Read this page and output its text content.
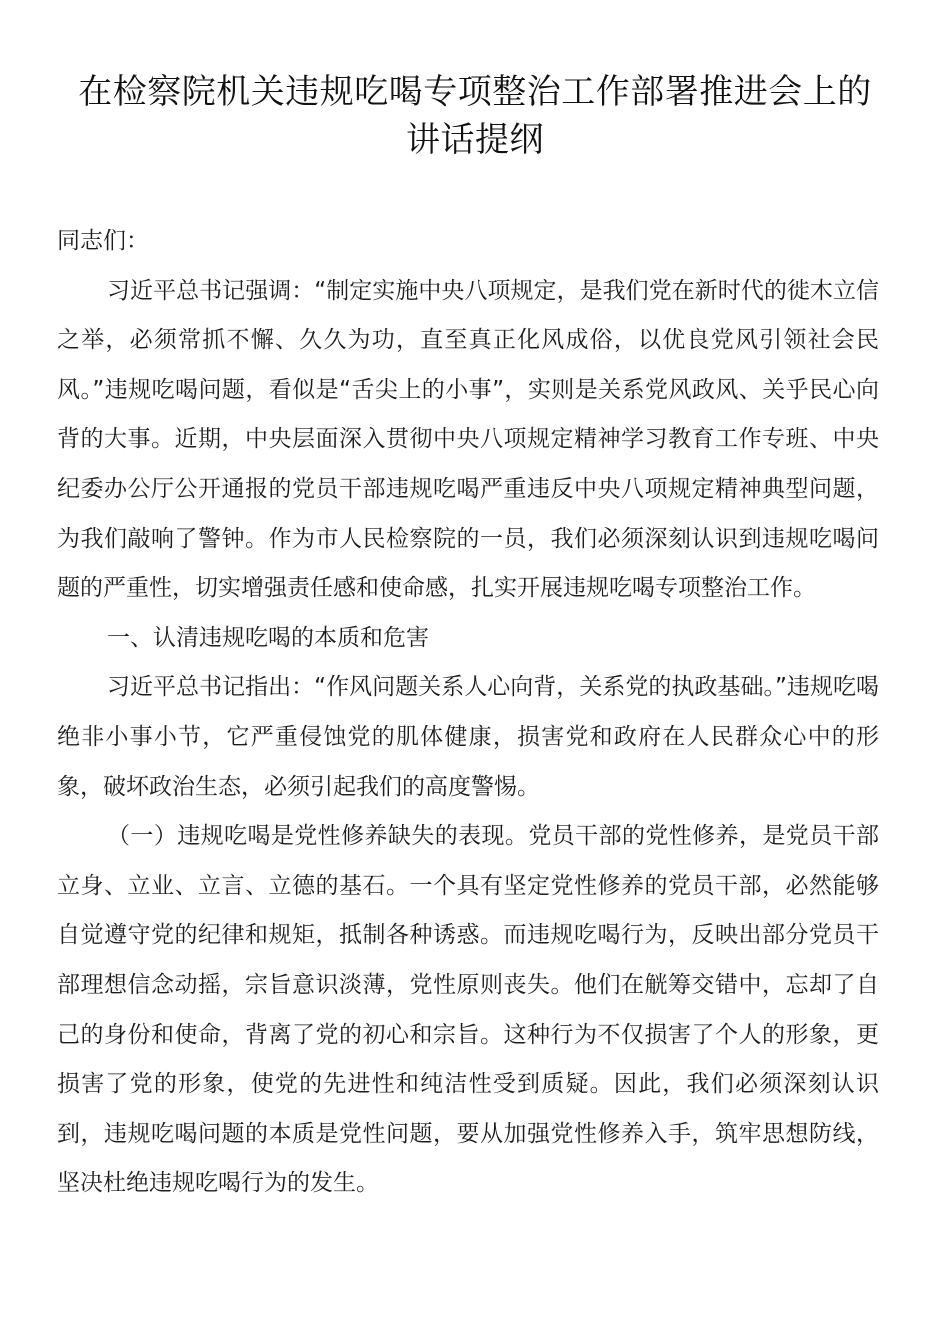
在检察院机关违规吃喝专项整治工作部署推进会上的
讲话提纲

同志们：

习近平总书记强调：“制定实施中央八项规定，是我们党在新时代的徙木立信之举，必须常抓不懈、久久为功，直至真正化风成俗，以优良党风引领社会民风。”违规吃喝问题，看似是“舌尖上的小事”，实则是关系党风政风、关乎民心向背的大事。近期，中央层面深入贯彻中央八项规定精神学习教育工作专班、中央纪委办公厅公开通报的党员干部违规吃喝严重违反中央八项规定精神典型问题，为我们敲响了警钟。作为市人民检察院的一员，我们必须深刻认识到违规吃喝问题的严重性，切实增强责任感和使命感，扎实开展违规吃喝专项整治工作。

一、认清违规吃喝的本质和危害

习近平总书记指出：“作风问题关系人心向背，关系党的执政基础。”违规吃喝绝非小事小节，它严重侵蚀党的肌体健康，损害党和政府在人民群众心中的形象，破坏政治生态，必须引起我们的高度警惕。

（一）违规吃喝是党性修养缺失的表现。党员干部的党性修养，是党员干部立身、立业、立言、立德的基石。一个具有坚定党性修养的党员干部，必然能够自觉遵守党的纪律和规矩，抵制各种诱惑。而违规吃喝行为，反映出部分党员干部理想信念动摇，宗旨意识淡薄，党性原则丧失。他们在觥筹交错中，忘却了自己的身份和使命，背离了党的初心和宗旨。这种行为不仅损害了个人的形象，更损害了党的形象，使党的先进性和纯洁性受到质疑。因此，我们必须深刻认识到，违规吃喝问题的本质是党性问题，要从加强党性修养入手，筑牢思想防线，坚决杜绝违规吃喝行为的发生。
